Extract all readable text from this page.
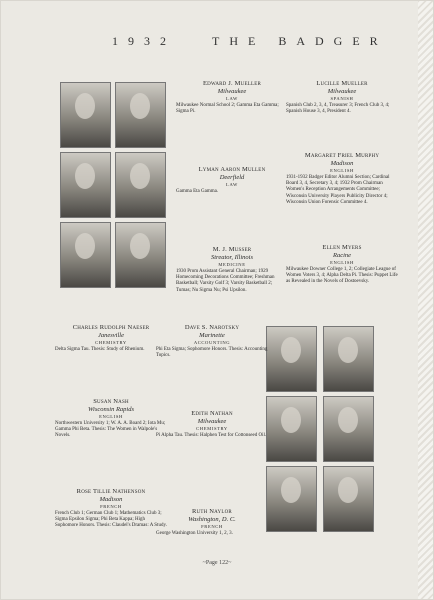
1932	THE BADGER
Edward J. Mueller
Milwaukee
LAW
Milwaukee Normal School 2; Gamma Eta Gamma; Sigma Pi.
Lucille Mueller
Milwaukee
SPANISH
Spanish Club 2, 3, 4, Treasurer 3; French Club 3, 4; Spanish House 3, 4, President 4.
Lyman Aaron Mullen
Deerfield
LAW
Gamma Eta Gamma.
Margaret Friel Murphy
Madison
ENGLISH
1931-1932 Badger Editor Alumni Section; Cardinal Board 3, 4, Secretary 3, 4; 1932 Prom Chairman Women's Reception Arrangements Committee; Wisconsin University Players Publicity Director 4; Wisconsin Union Forensic Committee 4.
M. J. Musser
Streator, Illinois
MEDICINE
1930 Prom Assistant General Chairman; 1929 Homecoming Decorations Committee; Freshman Basketball; Varsity Golf 3; Varsity Basketball 2; Tumas; Nu Sigma Nu; Psi Upsilon.
Ellen Myers
Racine
ENGLISH
Milwaukee Downer College 1, 2; Collegiate League of Women Voters 3, 4; Alpha Delta Pi. Thesis: Puppet Life as Revealed in the Novels of Dostoevsky.
Charles Rudolph Naeser
Janesville
CHEMISTRY
Delta Sigma Tau. Thesis: Study of Rhenium.
Dave S. Narotsky
Marinette
ACCOUNTING
Phi Eta Sigma; Sophomore Honors. Thesis: Accounting Topics.
Susan Nash
Wisconsin Rapids
ENGLISH
Northwestern University 1; W. A. A. Board 2; Iota Mu; Gamma Phi Beta. Thesis: The Women in Walpole's Novels.
Edith Nathan
Milwaukee
CHEMISTRY
Pi Alpha Tau. Thesis: Halphen Test for Cottonseed Oil.
Rose Tillie Nathenson
Madison
FRENCH
French Club 1; German Club 1; Mathematics Club 3; Sigma Epsilon Sigma; Phi Beta Kappa; High Sophomore Honors. Thesis: Claudel's Dramas: A Study.
Ruth Naylor
Washington, D. C.
FRENCH
George Washington University 1, 2, 3.
~Page 122~
